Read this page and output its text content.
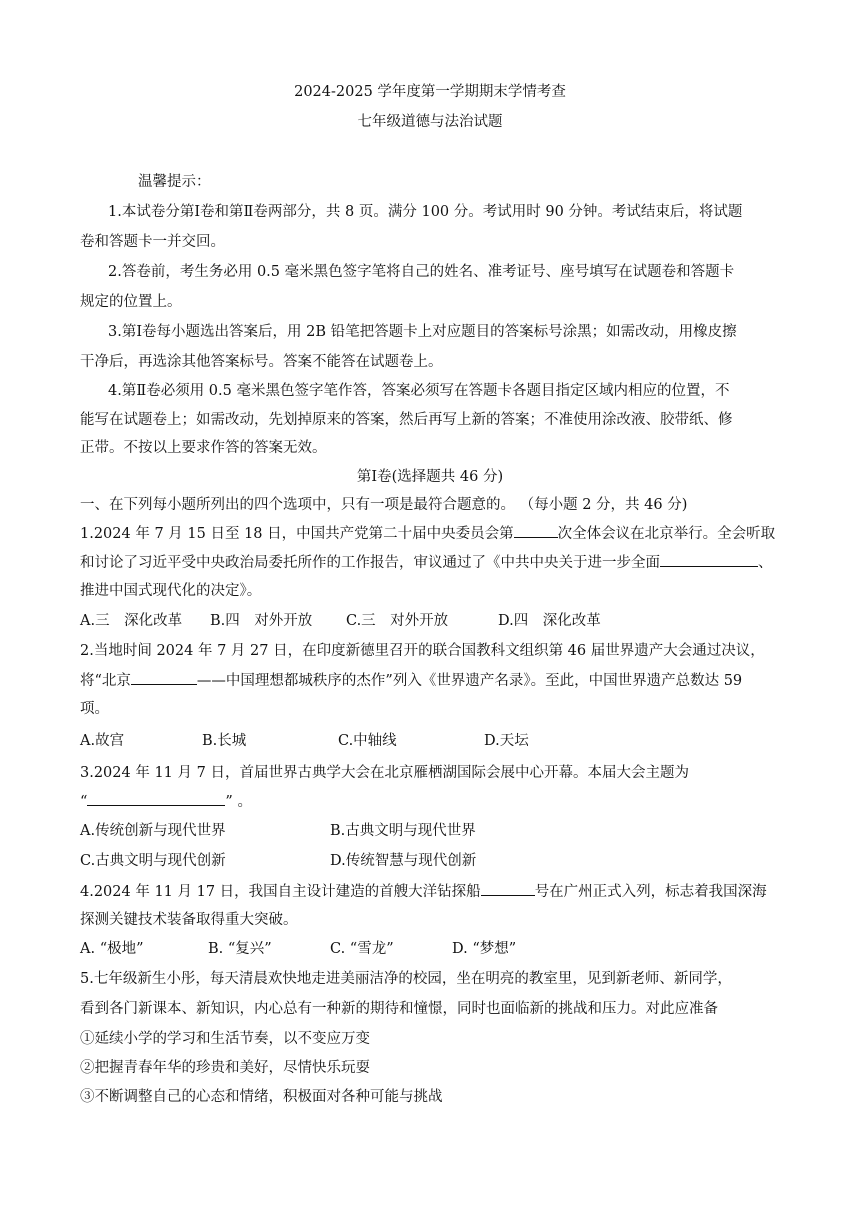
2024-2025 学年度第一学期期末学情考查
七年级道德与法治试题
温馨提示：
1.本试卷分第Ⅰ卷和第Ⅱ卷两部分，共 8 页。满分 100 分。考试用时 90 分钟。考试结束后，将试题
卷和答题卡一并交回。
2.答卷前，考生务必用 0.5 毫米黑色签字笔将自己的姓名、准考证号、座号填写在试题卷和答题卡
规定的位置上。
3.第Ⅰ卷每小题选出答案后，用 2B 铅笔把答题卡上对应题目的答案标号涂黑；如需改动，用橡皮擦
干净后，再选涂其他答案标号。答案不能答在试题卷上。
4.第Ⅱ卷必须用 0.5 毫米黑色签字笔作答，答案必须写在答题卡各题目指定区域内相应的位置，不
能写在试题卷上；如需改动，先划掉原来的答案，然后再写上新的答案；不准使用涂改液、胶带纸、修
正带。不按以上要求作答的答案无效。
第Ⅰ卷(选择题共 46 分)
一、在下列每小题所列出的四个选项中，只有一项是最符合题意的。 （每小题 2 分，共 46 分)
1.2024 年 7 月 15 日至 18 日，中国共产党第二十届中央委员会第	次全体会议在北京举行。全会听取
和讨论了习近平受中央政治局委托所作的工作报告，审议通过了《中共中央关于进一步全面	、
推进中国式现代化的决定》。
A.三　深化改革 B.四　对外开放 C.三　对外开放	D.四　深化改革
2.当地时间 2024 年 7 月 27 日，在印度新德里召开的联合国教科文组织第 46 届世界遗产大会通过决议，
将“北京	——中国理想都城秩序的杰作”列入《世界遗产名录》。至此，中国世界遗产总数达 59
项。
A.故宫	B.长城	C.中轴线	D.天坛
3.2024 年 11 月 7 日，首届世界古典学大会在北京雁栖湖国际会展中心开幕。本届大会主题为
“	” 。
A.传统创新与现代世界	B.古典文明与现代世界
C.古典文明与现代创新	D.传统智慧与现代创新
4.2024 年 11 月 17 日，我国自主设计建造的首艘大洋钻探船	号在广州正式入列，标志着我国深海
探测关键技术装备取得重大突破。
A. “极地”	B. “复兴”	C. “雪龙”	D. “梦想”
5.七年级新生小彤，每天清晨欢快地走进美丽洁净的校园，坐在明亮的教室里，见到新老师、新同学，
看到各门新课本、新知识，内心总有一种新的期待和憧憬，同时也面临新的挑战和压力。对此应准备
①延续小学的学习和生活节奏，以不变应万变
②把握青春年华的珍贵和美好，尽情快乐玩耍
③不断调整自己的心态和情绪，积极面对各种可能与挑战
